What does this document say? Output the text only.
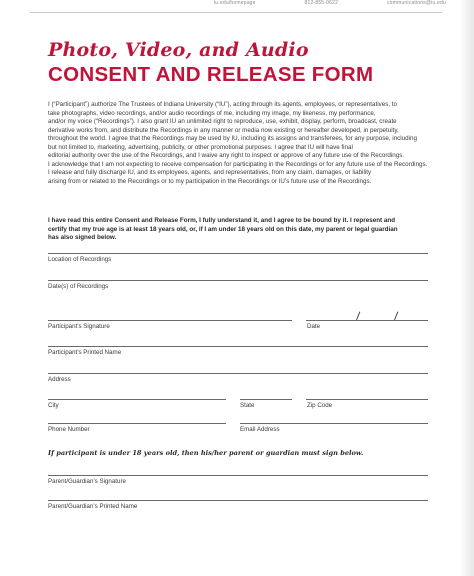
iu.edu/homepage	812-855-0622	communications@iu.edu
Photo, Video, and Audio
CONSENT AND RELEASE FORM
I (“Participant”) authorize The Trustees of Indiana University (“IU”), acting through its agents, employees, or representatives, to
take photographs, video recordings, and/or audio recordings of me, including my image, my likeness, my performance,
and/or my voice (“Recordings”). I also grant IU an unlimited right to reproduce, use, exhibit, display, perform, broadcast, create
derivative works from, and distribute the Recordings in any manner or media now existing or hereafter developed, in perpetuity,
throughout the world. I agree that the Recordings may be used by IU, including its assigns and transferees, for any purpose, including
but not limited to, marketing, advertising, publicity, or other promotional purposes. I agree that IU will have final
editorial authority over the use of the Recordings, and I waive any right to inspect or approve of any future use of the Recordings.
I acknowledge that I am not expecting to receive compensation for participating in the Recordings or for any future use of the Recordings.
I release and fully discharge IU, and its employees, agents, and representatives, from any claim, damages, or liability
arising from or related to the Recordings or to my participation in the Recordings or IU’s future use of the Recordings.
I have read this entire Consent and Release Form, I fully understand it, and I agree to be bound by it. I represent and
certify that my true age is at least 18 years old, or, if I am under 18 years old on this date, my parent or legal guardian
has also signed below.
Location of Recordings
Date(s) of Recordings
Participant’s Signature	Date
Participant’s Printed Name
Address
City	State	Zip Code
Phone Number	Email Address
If participant is under 18 years old, then his/her parent or guardian must sign below.
Parent/Guardian’s Signature
Parent/Guardian’s Printed Name
